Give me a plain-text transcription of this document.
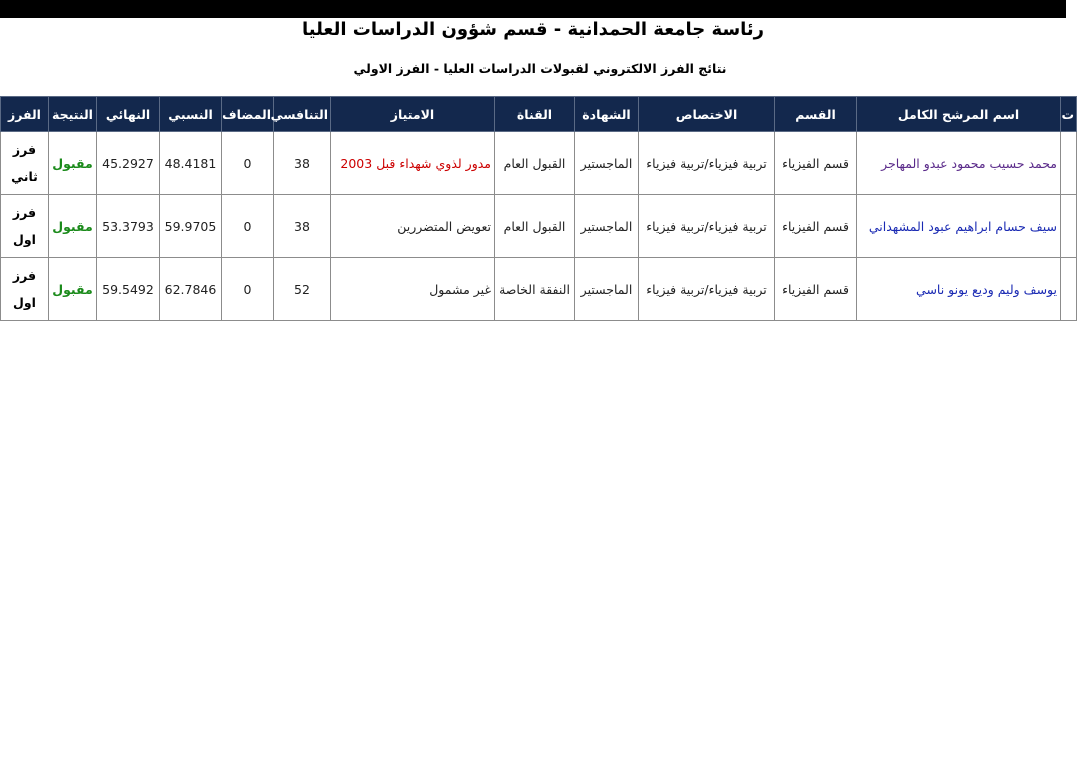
رئاسة جامعة الحمدانية - قسم شؤون الدراسات العليا
نتائج الفرز الالكتروني لقبولات الدراسات العليا - الفرز الاولي
ت	اسم المرشح الكامل	القسم	الاختصاص	الشهادة	القناة	الامتياز	التنافسي	المضاف	النسبي	النهائي	النتيجة	الفرز
	محمد حسيب محمود عبدو المهاجر	قسم الفيزياء	تربية فيزياء/تربية فيزياء	الماجستير	القبول العام	مدور لذوي شهداء قبل 2003	38	0	48.4181	45.2927	مقبول	فرز ثاني
	سيف حسام ابراهيم عبود المشهداني	قسم الفيزياء	تربية فيزياء/تربية فيزياء	الماجستير	القبول العام	تعويض المتضررين	38	0	59.9705	53.3793	مقبول	فرز اول
	يوسف وليم وديع يونو ناسي	قسم الفيزياء	تربية فيزياء/تربية فيزياء	الماجستير	النفقة الخاصة	غير مشمول	52	0	62.7846	59.5492	مقبول	فرز اول
